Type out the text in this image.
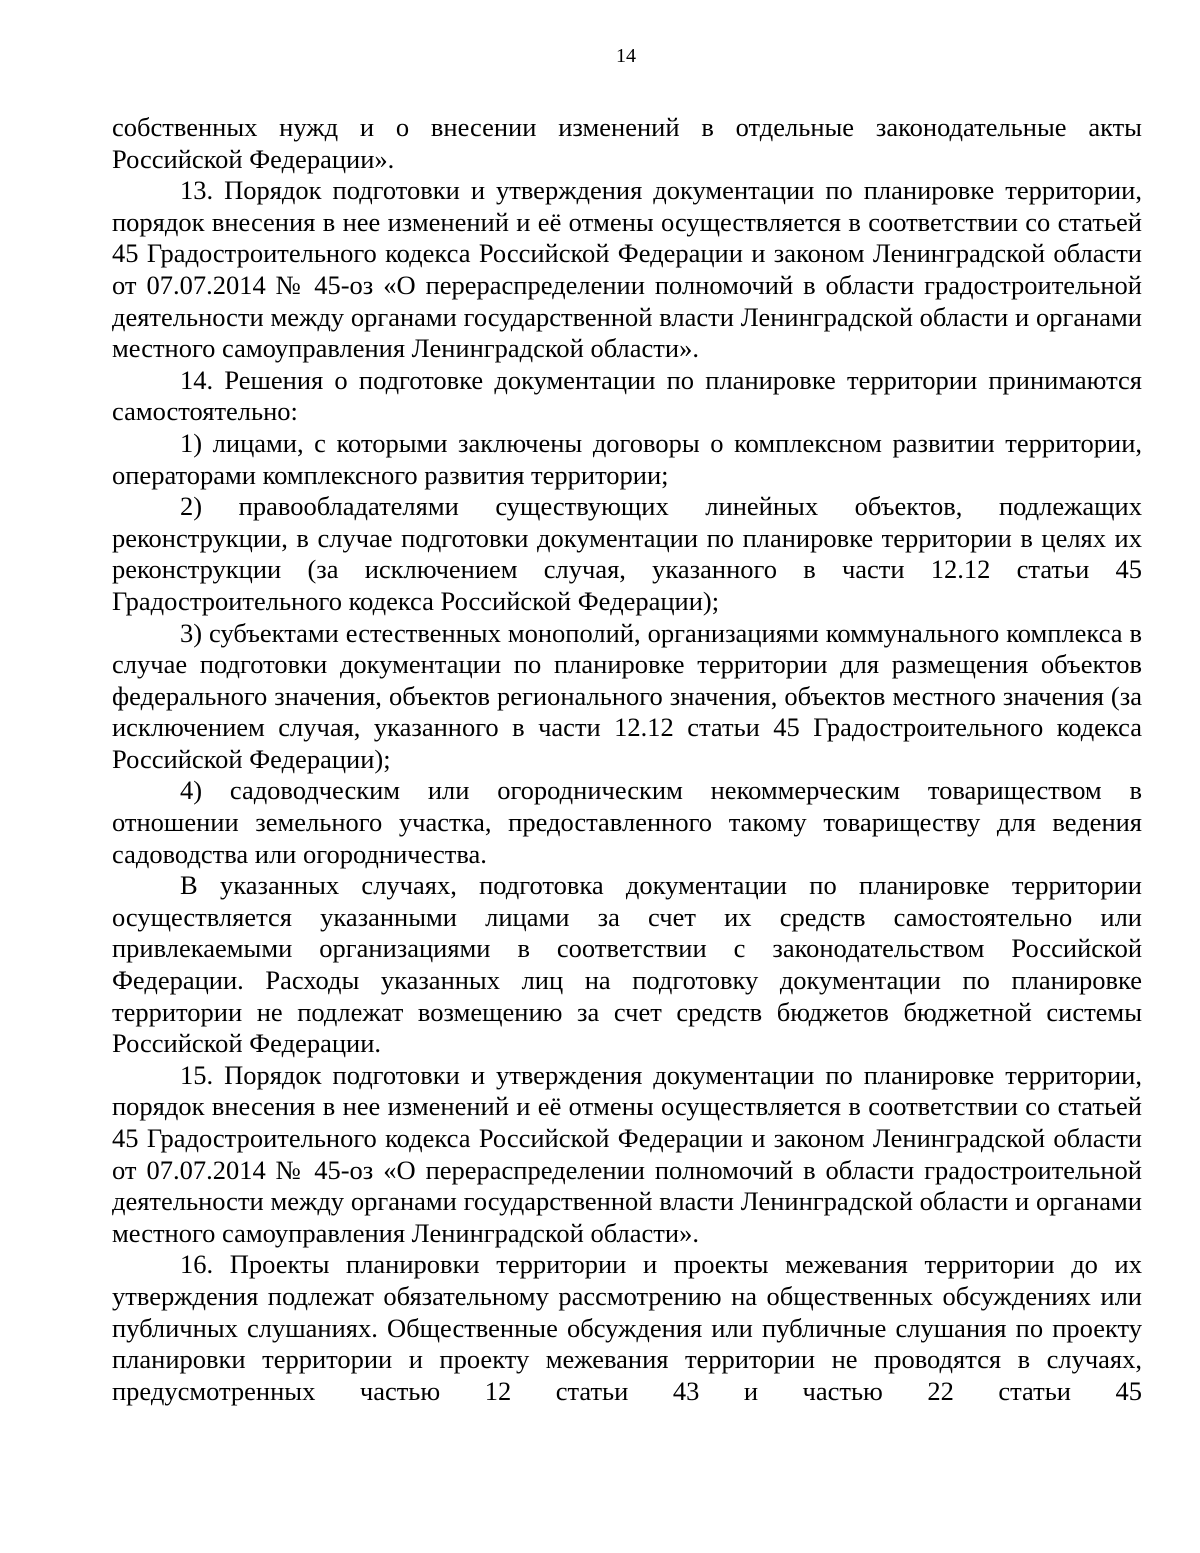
14

собственных нужд и о внесении изменений в отдельные законодательные акты Российской Федерации».

13. Порядок подготовки и утверждения документации по планировке территории, порядок внесения в нее изменений и её отмены осуществляется в соответствии со статьей 45 Градостроительного кодекса Российской Федерации и законом Ленинградской области от 07.07.2014 № 45-оз «О перераспределении полномочий в области градостроительной деятельности между органами государственной власти Ленинградской области и органами местного самоуправления Ленинградской области».

14. Решения о подготовке документации по планировке территории принимаются самостоятельно:

1) лицами, с которыми заключены договоры о комплексном развитии территории, операторами комплексного развития территории;

2) правообладателями существующих линейных объектов, подлежащих реконструкции, в случае подготовки документации по планировке территории в целях их реконструкции (за исключением случая, указанного в части 12.12 статьи 45 Градостроительного кодекса Российской Федерации);

3) субъектами естественных монополий, организациями коммунального комплекса в случае подготовки документации по планировке территории для размещения объектов федерального значения, объектов регионального значения, объектов местного значения (за исключением случая, указанного в части 12.12 статьи 45 Градостроительного кодекса Российской Федерации);

4) садоводческим или огородническим некоммерческим товариществом в отношении земельного участка, предоставленного такому товариществу для ведения садоводства или огородничества.

В указанных случаях, подготовка документации по планировке территории осуществляется указанными лицами за счет их средств самостоятельно или привлекаемыми организациями в соответствии с законодательством Российской Федерации. Расходы указанных лиц на подготовку документации по планировке территории не подлежат возмещению за счет средств бюджетов бюджетной системы Российской Федерации.

15. Порядок подготовки и утверждения документации по планировке территории, порядок внесения в нее изменений и её отмены осуществляется в соответствии со статьей 45 Градостроительного кодекса Российской Федерации и законом Ленинградской области от 07.07.2014 № 45-оз «О перераспределении полномочий в области градостроительной деятельности между органами государственной власти Ленинградской области и органами местного самоуправления Ленинградской области».

16. Проекты планировки территории и проекты межевания территории до их утверждения подлежат обязательному рассмотрению на общественных обсуждениях или публичных слушаниях. Общественные обсуждения или публичные слушания по проекту планировки территории и проекту межевания территории не проводятся в случаях, предусмотренных частью 12 статьи 43 и частью 22 статьи 45
